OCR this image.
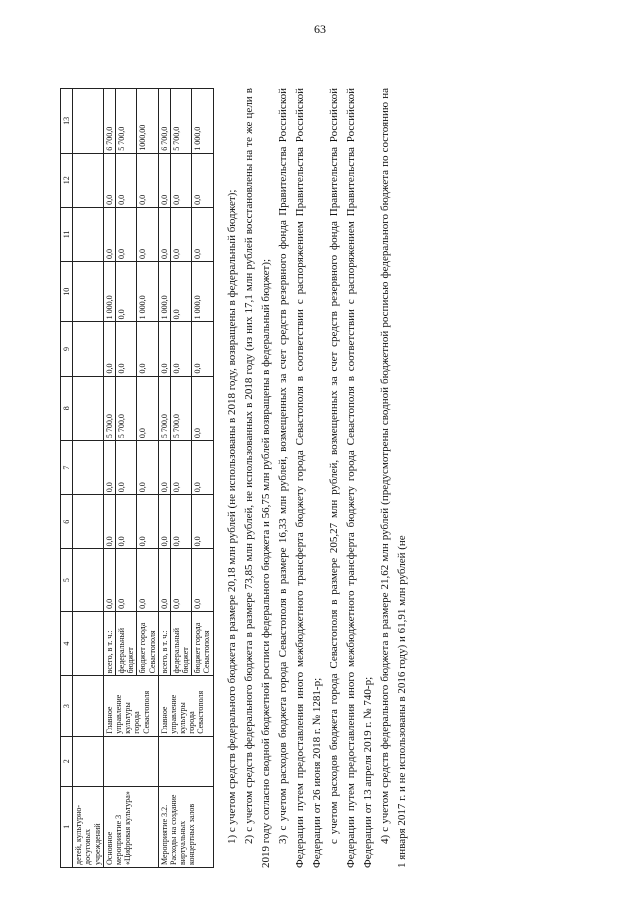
63
1	2	3	4	5	6	7	8	9	10	11	12	13
детей, культурно-досуговых учреждений												
Основное мероприятие 3 «Цифровая культура»		Главное управление культуры города Севастополя	всего, в т. ч.:	0,0	0,0	0,0	5 700,0	0,0	1 000,0	0,0	0,0	6 700,0
			федеральный бюджет	0,0	0,0	0,0	5 700,0	0,0	0,0	0,0	0,0	5 700,0
			бюджет города Севастополя	0,0	0,0	0,0	0,0	0,0	1 000,0	0,0	0,0	1000,00
Мероприятие 3.2. Расходы на создание виртуальных концертных залов		Главное управление культуры города Севастополя	всего, в т. ч.:	0,0	0,0	0,0	5 700,0	0,0	1 000,0	0,0	0,0	6 700,0
			федеральный бюджет	0,0	0,0	0,0	5 700,0	0,0	0,0	0,0	0,0	5 700,0
			бюджет города Севастополя	0,0	0,0	0,0	0,0	0,0	1 000,0	0,0	0,0	1 000,0

1) с учетом средств федерального бюджета в размере 20,18 млн рублей (не использованы в 2018 году, возвращены в федеральный бюджет); 2) с учетом средств федерального бюджета в размере 73,85 млн рублей, не использованных в 2018 году (из них 17,1 млн рублей восстановлены на те же цели в 2019 году согласно сводной бюджетной росписи федерального бюджета и 56,75 млн рублей возвращены в федеральный бюджет); 3) с учетом расходов бюджета города Севастополя в размере 16,33 млн рублей, возмещенных за счет средств резервного фонда Правительства Российской Федерации путем предоставления иного межбюджетного трансферта бюджету города Севастополя в соответствии с распоряжением Правительства Российской Федерации от 26 июня 2018 г. № 1281-р; с учетом расходов бюджета города Севастополя в размере 205,27 млн рублей, возмещенных за счет средств резервного фонда Правительства Российской Федерации путем предоставления иного межбюджетного трансферта бюджету города Севастополя в соответствии с распоряжением Правительства Российской Федерации от 13 апреля 2019 г. № 740-р; 4) с учетом средств федерального бюджета в размере 21,62 млн рублей (предусмотрены сводной бюджетной росписью федерального бюджета по состоянию на 1 января 2017 г. и не использованы в 2016 году) и 61,91 млн рублей (не
